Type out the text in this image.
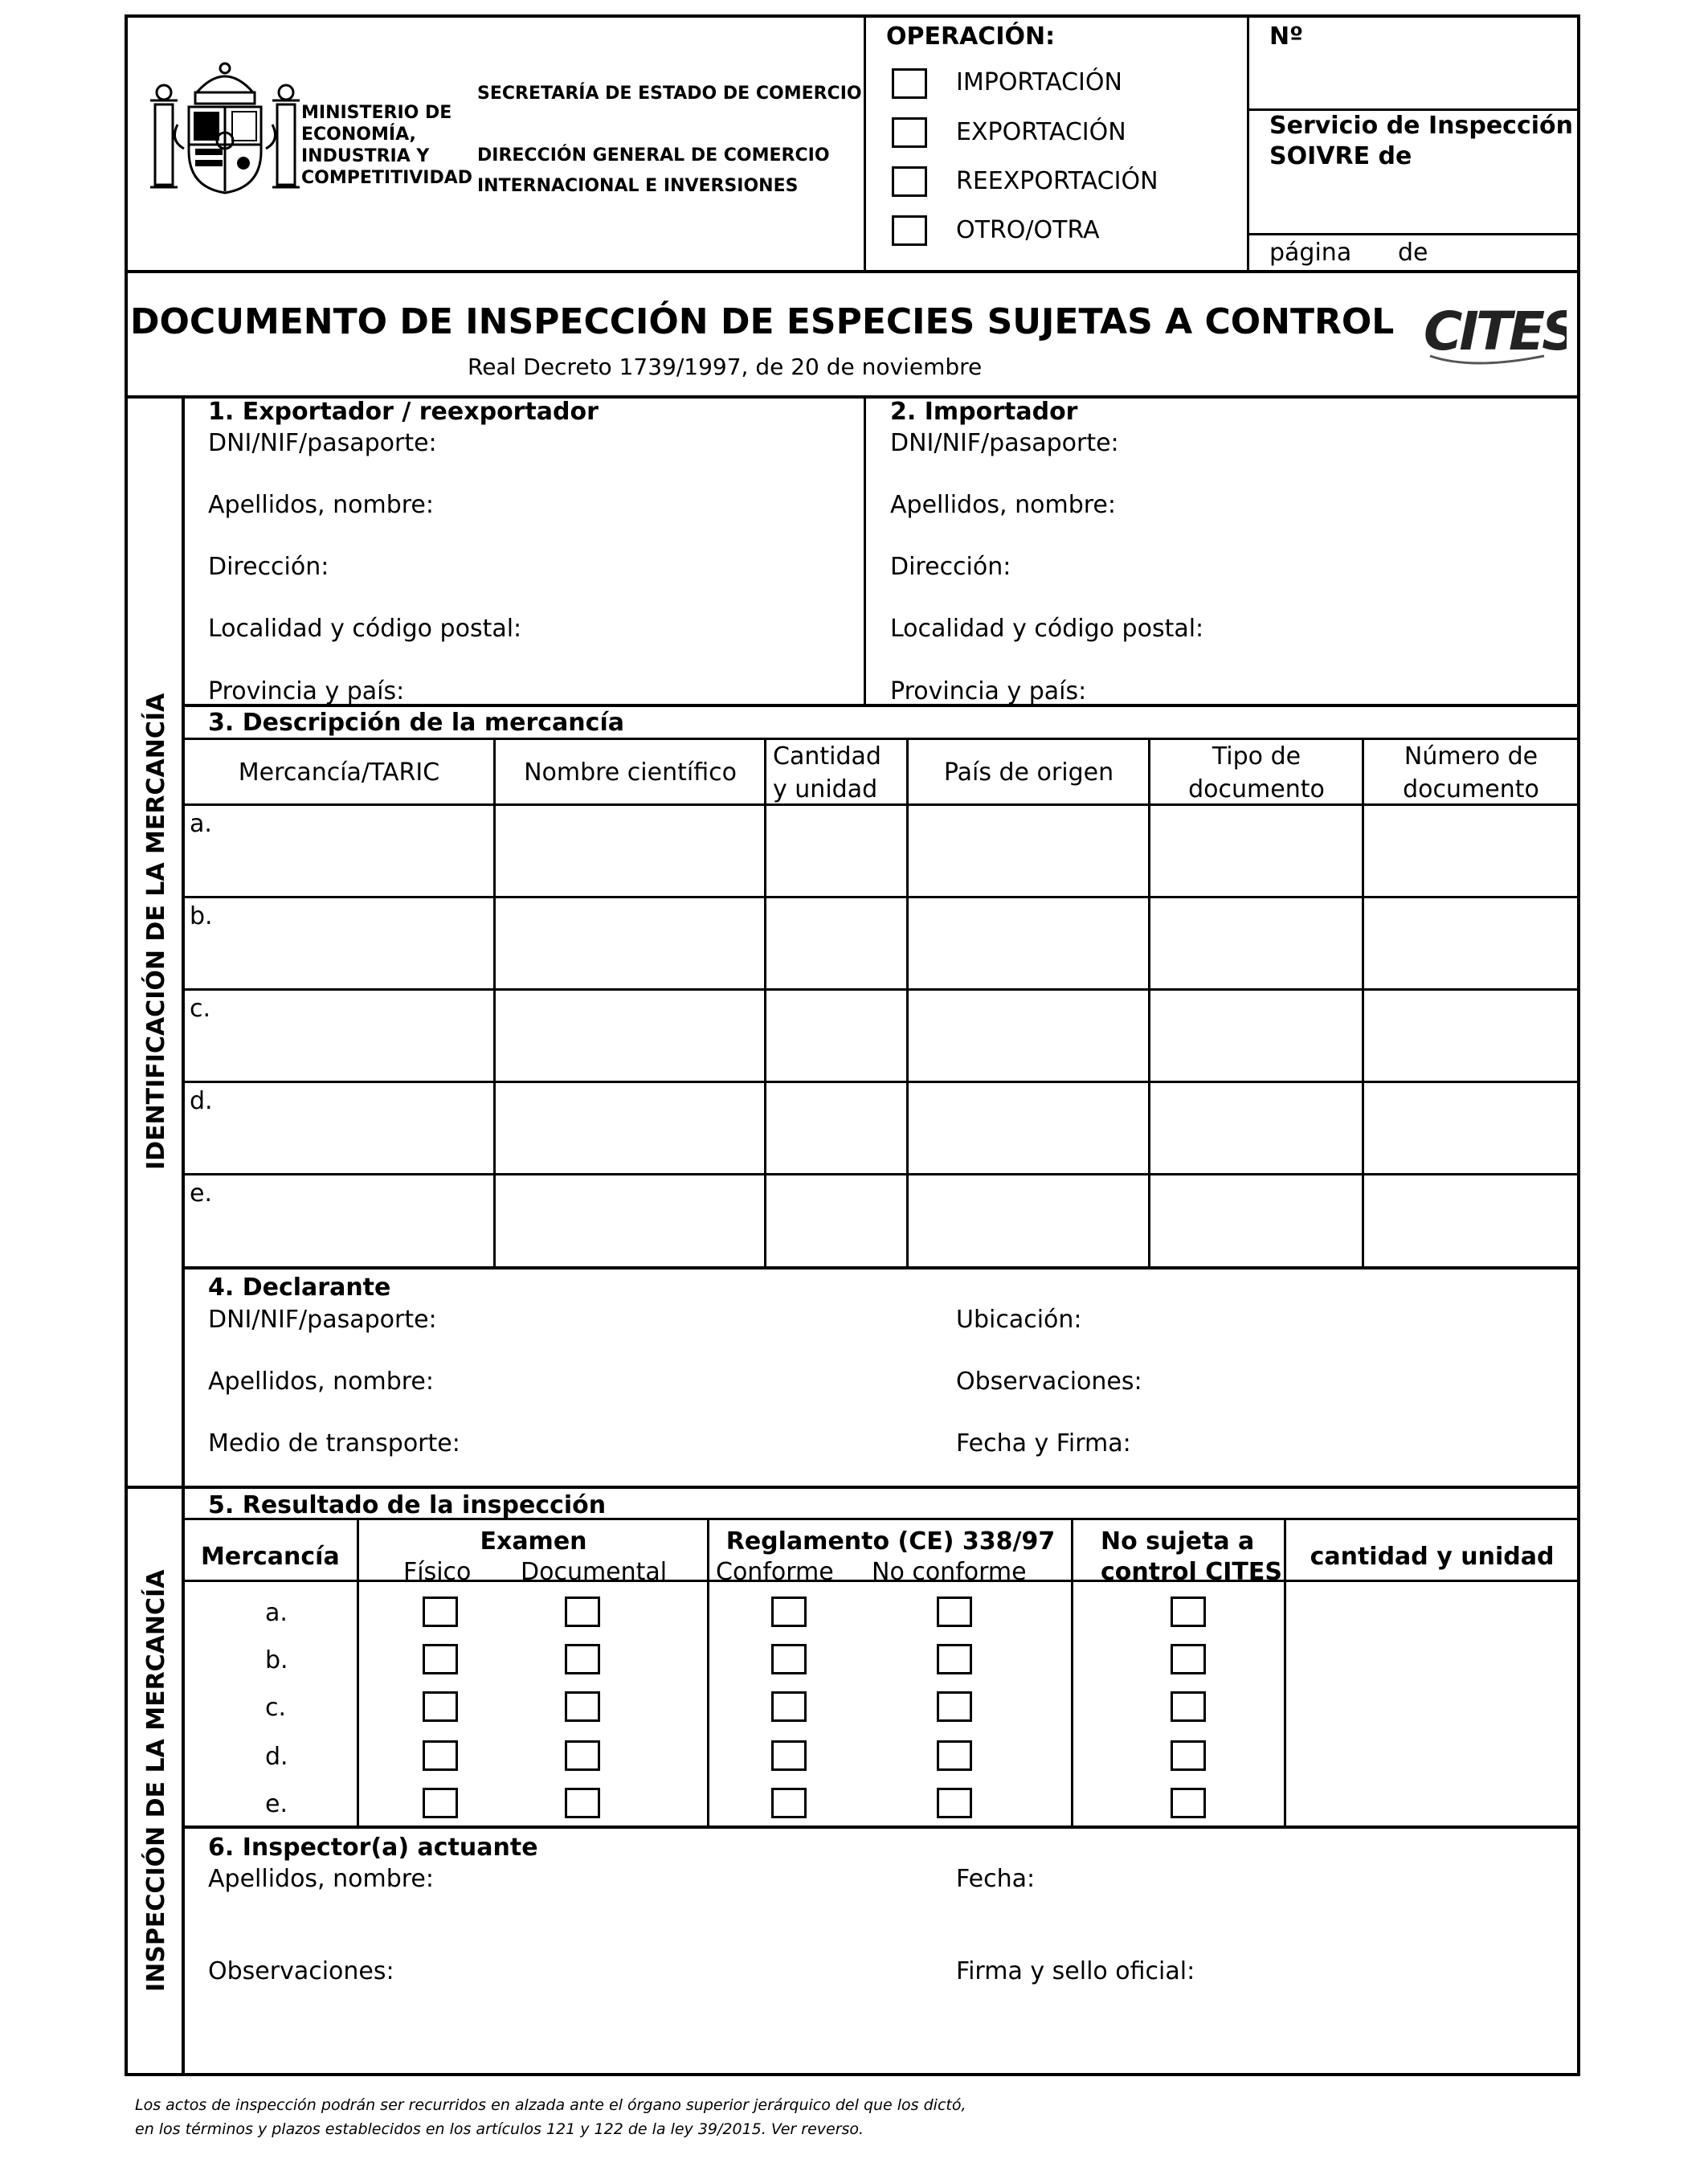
MINISTERIO DE
ECONOMÍA,
INDUSTRIA Y
COMPETITIVIDAD
SECRETARÍA DE ESTADO DE COMERCIO
DIRECCIÓN GENERAL DE COMERCIO
INTERNACIONAL E INVERSIONES
OPERACIÓN:
IMPORTACIÓN
EXPORTACIÓN
REEXPORTACIÓN
OTRO/OTRA
Nº
Servicio de Inspección
SOIVRE de
página de
DOCUMENTO DE INSPECCIÓN DE ESPECIES SUJETAS A CONTROL
Real Decreto 1739/1997, de 20 de noviembre
CITES
IDENTIFICACIÓN DE LA MERCANCÍA
INSPECCIÓN DE LA MERCANCÍA
1. Exportador / reexportador
DNI/NIF/pasaporte:
Apellidos, nombre:
Dirección:
Localidad y código postal:
Provincia y país:
2. Importador
DNI/NIF/pasaporte:
Apellidos, nombre:
Dirección:
Localidad y código postal:
Provincia y país:
3. Descripción de la mercancía
Mercancía/TARIC	Nombre científico
Cantidad
y unidad
País de origen
Tipo de
documento
Número de
documento
a.
b.
c.
d.
e.
4. Declarante
DNI/NIF/pasaporte:
Apellidos, nombre:
Medio de transporte:
Ubicación:
Observaciones:
Fecha y Firma:
5. Resultado de la inspección
Mercancía
Examen
Físico Documental
Reglamento (CE) 338/97
Conforme No conforme
No sujeta a
control CITES
cantidad y unidad
a.
b.
c.
d.
e.
6. Inspector(a) actuante
Apellidos, nombre:
Observaciones:
Fecha:
Firma y sello oficial:
Los actos de inspección podrán ser recurridos en alzada ante el órgano superior jerárquico del que los dictó,
en los términos y plazos establecidos en los artículos 121 y 122 de la ley 39/2015. Ver reverso.
